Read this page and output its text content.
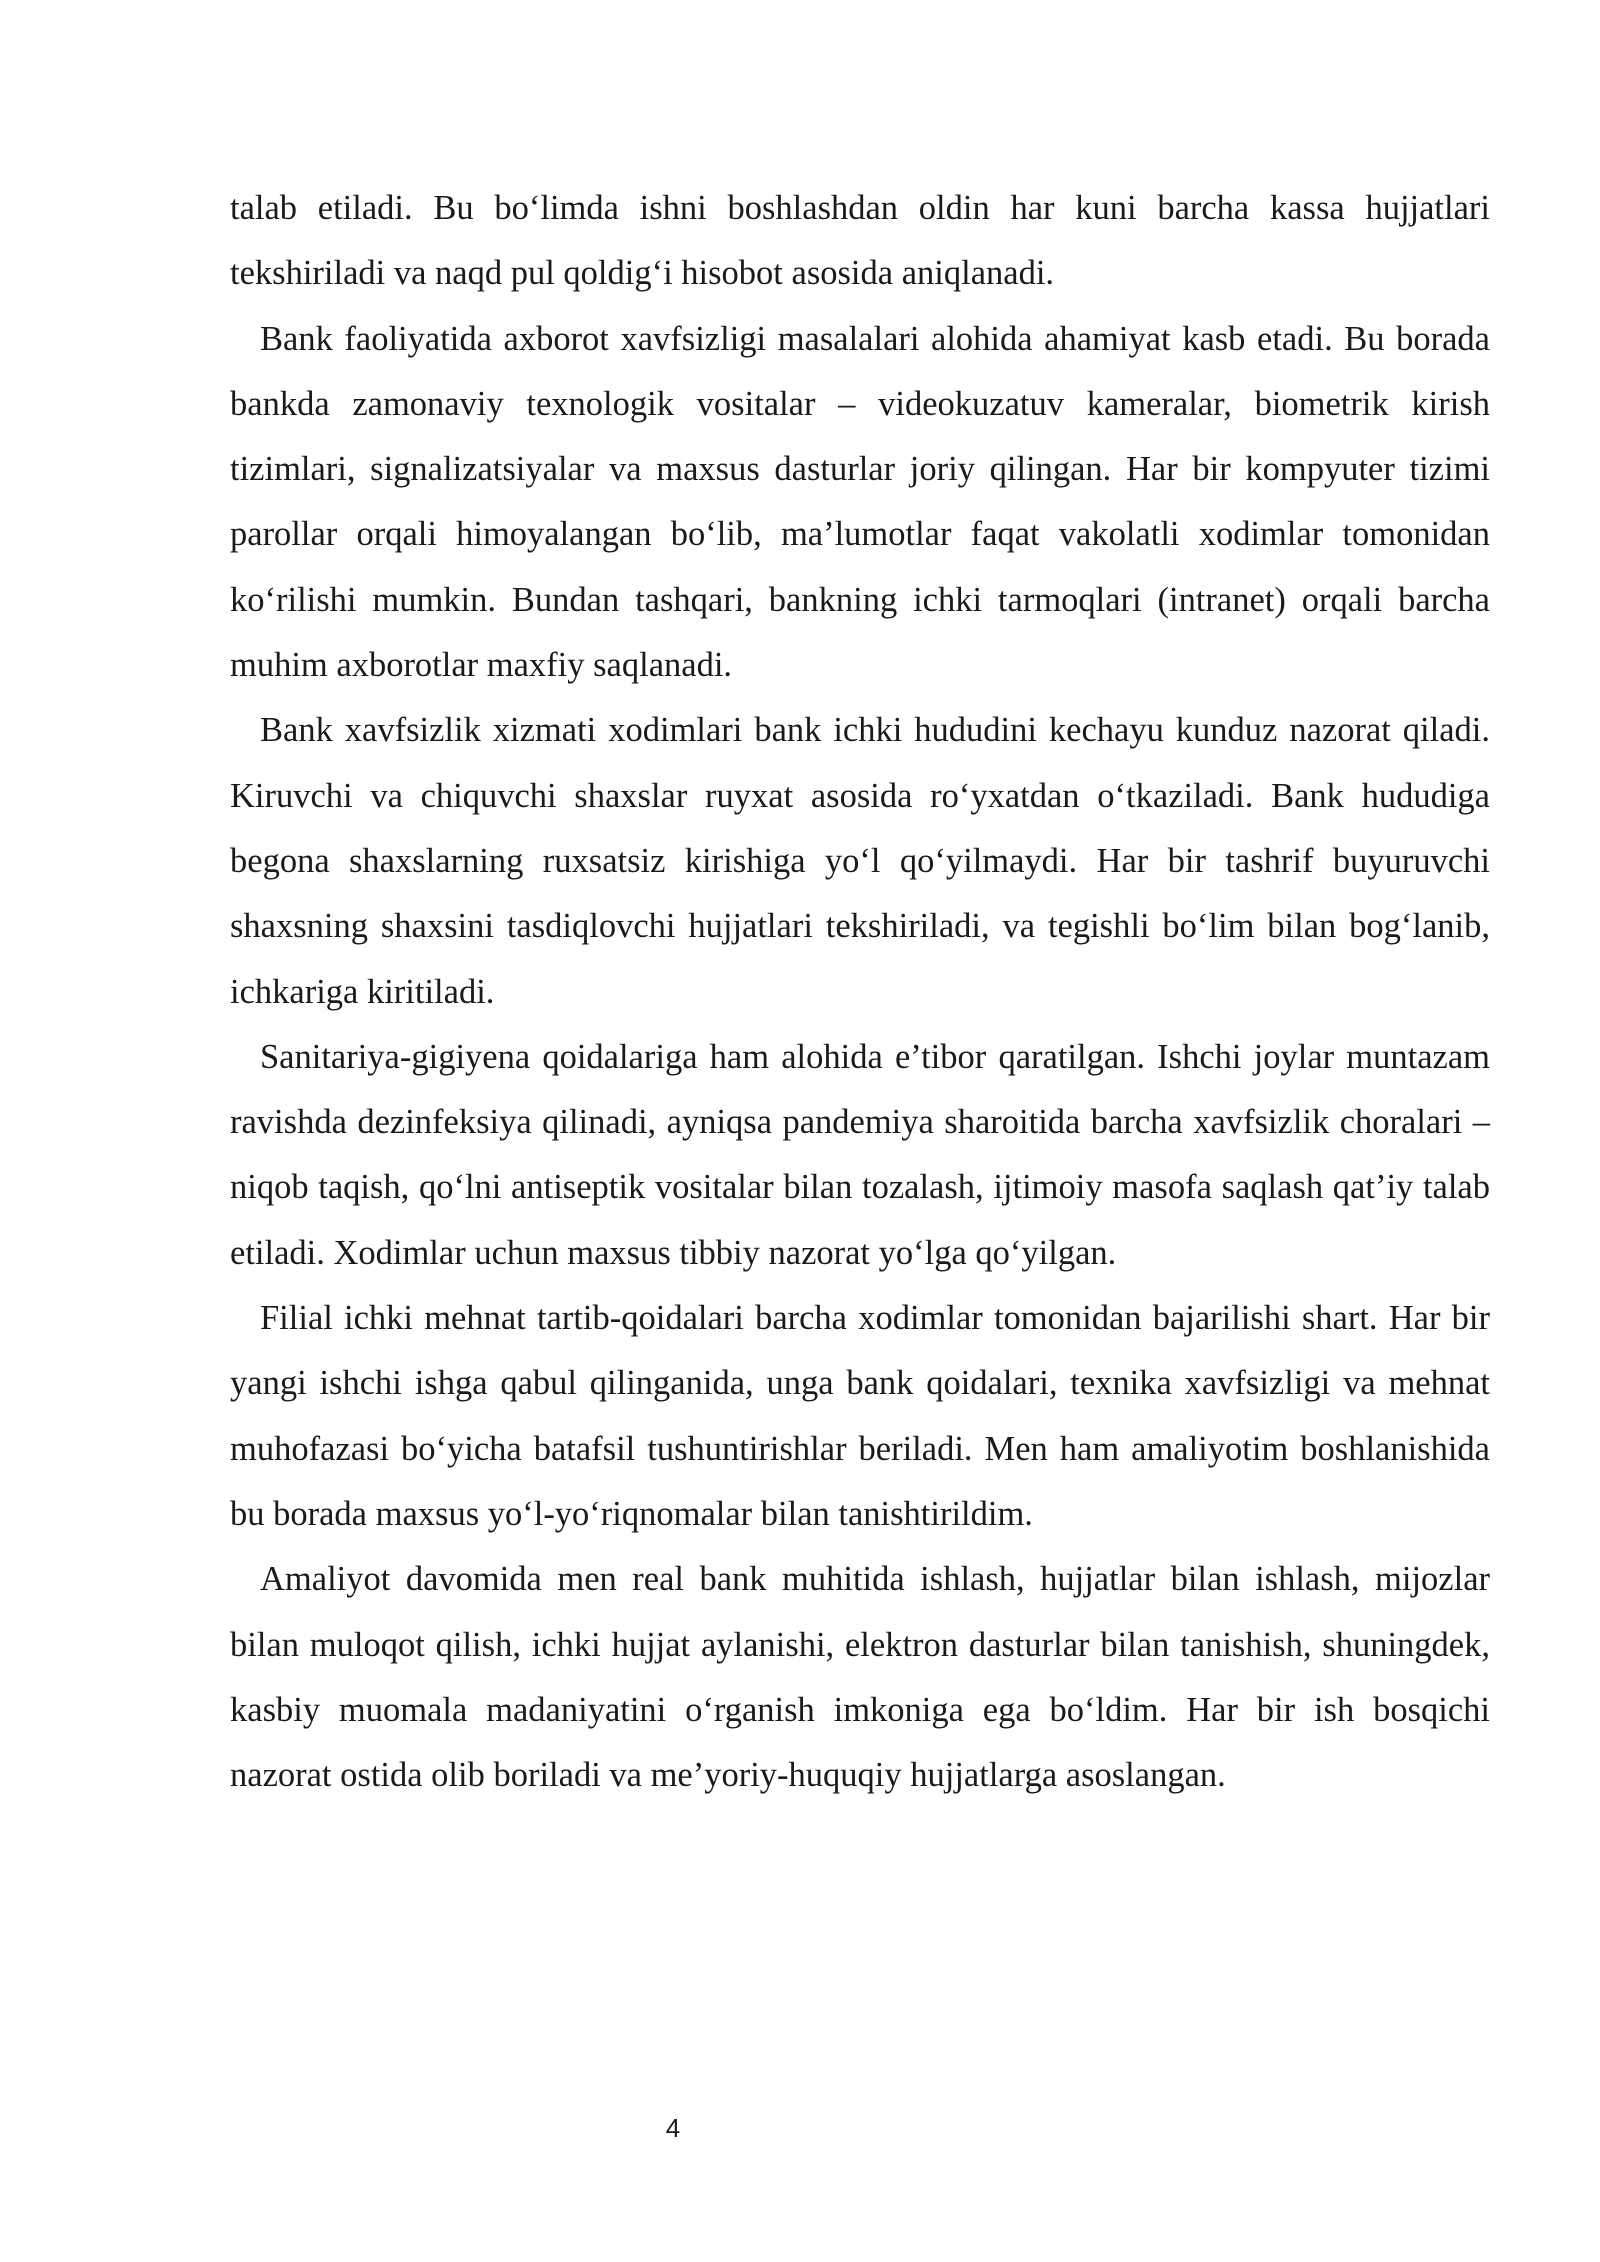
talab etiladi. Bu bo‘limda ishni boshlashdan oldin har kuni barcha kassa hujjatlari tekshiriladi va naqd pul qoldig‘i hisobot asosida aniqlanadi.

Bank faoliyatida axborot xavfsizligi masalalari alohida ahamiyat kasb etadi. Bu borada bankda zamonaviy texnologik vositalar – videokuzatuv kameralar, biometrik kirish tizimlari, signalizatsiyalar va maxsus dasturlar joriy qilingan. Har bir kompyuter tizimi parollar orqali himoyalangan bo‘lib, ma’lumotlar faqat vakolatli xodimlar tomonidan ko‘rilishi mumkin. Bundan tashqari, bankning ichki tarmoqlari (intranet) orqali barcha muhim axborotlar maxfiy saqlanadi.

Bank xavfsizlik xizmati xodimlari bank ichki hududini kechayu kunduz nazorat qiladi. Kiruvchi va chiquvchi shaxslar ruyxat asosida ro‘yxatdan o‘tkaziladi. Bank hududiga begona shaxslarning ruxsatsiz kirishiga yo‘l qo‘yilmaydi. Har bir tashrif buyuruvchi shaxsning shaxsini tasdiqlovchi hujjatlari tekshiriladi, va tegishli bo‘lim bilan bog‘lanib, ichkariga kiritiladi.

Sanitariya-gigiyena qoidalariga ham alohida e’tibor qaratilgan. Ishchi joylar muntazam ravishda dezinfeksiya qilinadi, ayniqsa pandemiya sharoitida barcha xavfsizlik choralari – niqob taqish, qo‘lni antiseptik vositalar bilan tozalash, ijtimoiy masofa saqlash qat’iy talab etiladi. Xodimlar uchun maxsus tibbiy nazorat yo‘lga qo‘yilgan.

Filial ichki mehnat tartib-qoidalari barcha xodimlar tomonidan bajarilishi shart. Har bir yangi ishchi ishga qabul qilinganida, unga bank qoidalari, texnika xavfsizligi va mehnat muhofazasi bo‘yicha batafsil tushuntirishlar beriladi. Men ham amaliyotim boshlanishida bu borada maxsus yo‘l-yo‘riqnomalar bilan tanishtirildim.

Amaliyot davomida men real bank muhitida ishlash, hujjatlar bilan ishlash, mijozlar bilan muloqot qilish, ichki hujjat aylanishi, elektron dasturlar bilan tanishish, shuningdek, kasbiy muomala madaniyatini o‘rganish imkoniga ega bo‘ldim. Har bir ish bosqichi nazorat ostida olib boriladi va me’yoriy-huquqiy hujjatlarga asoslangan.

4
